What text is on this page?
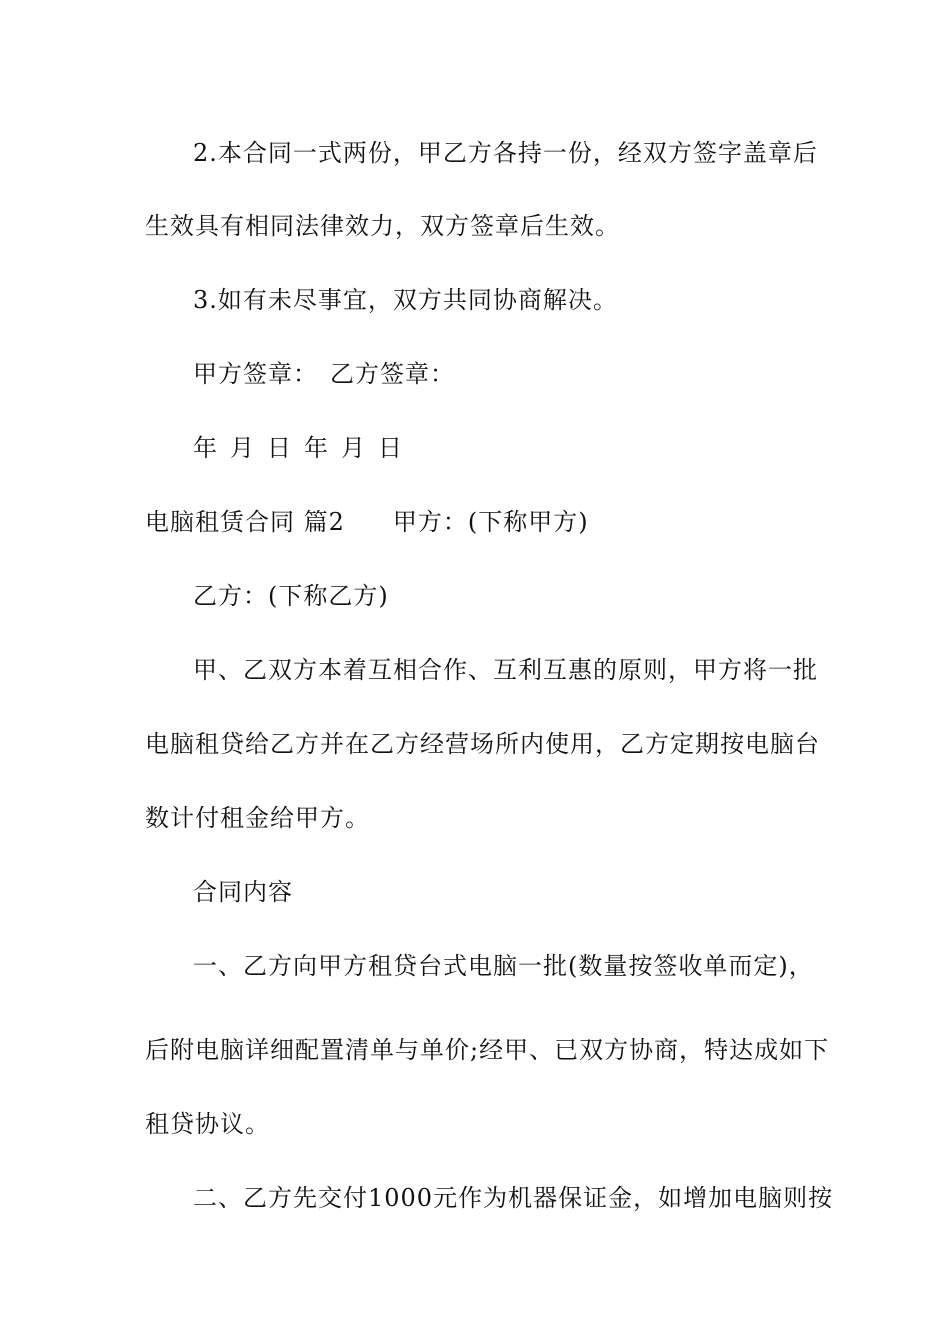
2.本合同一式两份，甲乙方各持一份，经双方签字盖章后
生效具有相同法律效力，双方签章后生效。
3.如有未尽事宜，双方共同协商解决。
甲方签章： 乙方签章：
年 月 日 年 月 日
电脑租赁合同 篇2 甲方：(下称甲方)
乙方：(下称乙方)
甲、乙双方本着互相合作、互利互惠的原则，甲方将一批
电脑租贷给乙方并在乙方经营场所内使用，乙方定期按电脑台
数计付租金给甲方。
合同内容
一、乙方向甲方租贷台式电脑一批(数量按签收单而定)，
后附电脑详细配置清单与单价;经甲、已双方协商，特达成如下
租贷协议。
二、乙方先交付1000元作为机器保证金，如增加电脑则按
